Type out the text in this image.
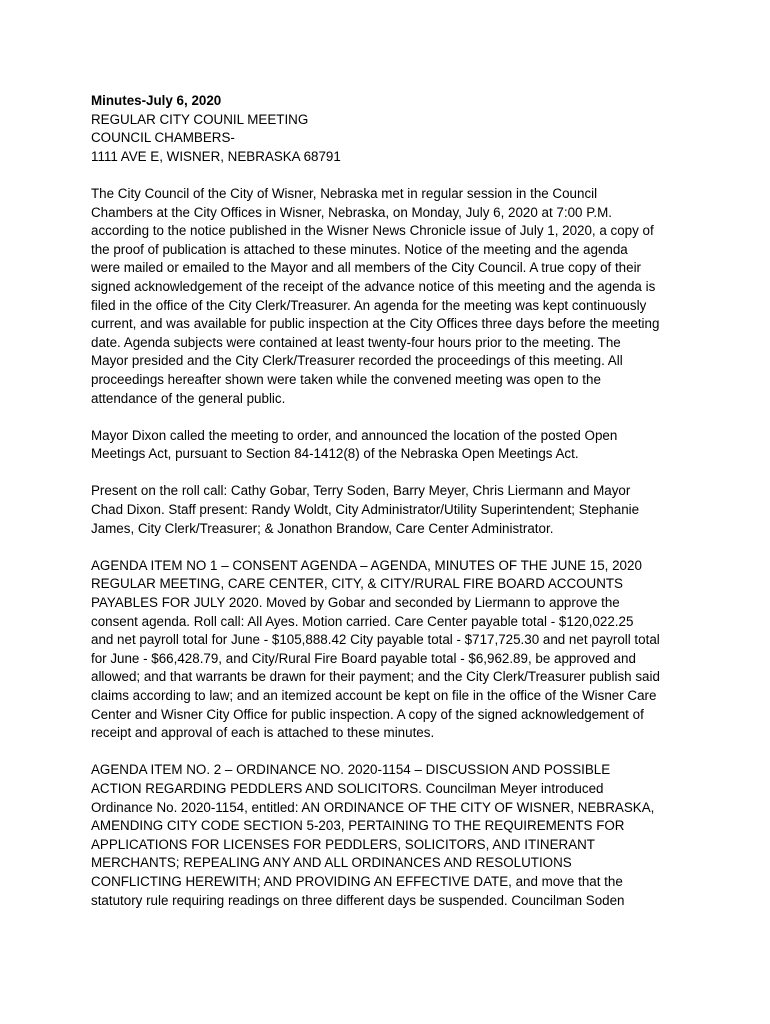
Minutes-July 6, 2020

REGULAR CITY COUNIL MEETING

COUNCIL CHAMBERS-

1111 AVE E, WISNER, NEBRASKA 68791

The City Council of the City of Wisner, Nebraska met in regular session in the Council
Chambers at the City Offices in Wisner, Nebraska, on Monday, July 6, 2020 at 7:00 P.M.
according to the notice published in the Wisner News Chronicle issue of July 1, 2020, a copy of
the proof of publication is attached to these minutes. Notice of the meeting and the agenda
were mailed or emailed to the Mayor and all members of the City Council. A true copy of their
signed acknowledgement of the receipt of the advance notice of this meeting and the agenda is
filed in the office of the City Clerk/Treasurer. An agenda for the meeting was kept continuously
current, and was available for public inspection at the City Offices three days before the meeting
date. Agenda subjects were contained at least twenty-four hours prior to the meeting. The
Mayor presided and the City Clerk/Treasurer recorded the proceedings of this meeting. All
proceedings hereafter shown were taken while the convened meeting was open to the
attendance of the general public.

Mayor Dixon called the meeting to order, and announced the location of the posted Open
Meetings Act, pursuant to Section 84-1412(8) of the Nebraska Open Meetings Act.

Present on the roll call: Cathy Gobar, Terry Soden, Barry Meyer, Chris Liermann and Mayor
Chad Dixon. Staff present: Randy Woldt, City Administrator/Utility Superintendent; Stephanie
James, City Clerk/Treasurer; & Jonathon Brandow, Care Center Administrator.

AGENDA ITEM NO 1 – CONSENT AGENDA – AGENDA, MINUTES OF THE JUNE 15, 2020
REGULAR MEETING, CARE CENTER, CITY, & CITY/RURAL FIRE BOARD ACCOUNTS
PAYABLES FOR JULY 2020. Moved by Gobar and seconded by Liermann to approve the
consent agenda. Roll call: All Ayes. Motion carried. Care Center payable total - $120,022.25
and net payroll total for June - $105,888.42 City payable total - $717,725.30 and net payroll total
for June - $66,428.79, and City/Rural Fire Board payable total - $6,962.89, be approved and
allowed; and that warrants be drawn for their payment; and the City Clerk/Treasurer publish said
claims according to law; and an itemized account be kept on file in the office of the Wisner Care
Center and Wisner City Office for public inspection. A copy of the signed acknowledgement of
receipt and approval of each is attached to these minutes.

AGENDA ITEM NO. 2 – ORDINANCE NO. 2020-1154 – DISCUSSION AND POSSIBLE
ACTION REGARDING PEDDLERS AND SOLICITORS. Councilman Meyer introduced
Ordinance No. 2020-1154, entitled: AN ORDINANCE OF THE CITY OF WISNER, NEBRASKA,
AMENDING CITY CODE SECTION 5-203, PERTAINING TO THE REQUIREMENTS FOR
APPLICATIONS FOR LICENSES FOR PEDDLERS, SOLICITORS, AND ITINERANT
MERCHANTS; REPEALING ANY AND ALL ORDINANCES AND RESOLUTIONS
CONFLICTING HEREWITH; AND PROVIDING AN EFFECTIVE DATE, and move that the
statutory rule requiring readings on three different days be suspended. Councilman Soden
